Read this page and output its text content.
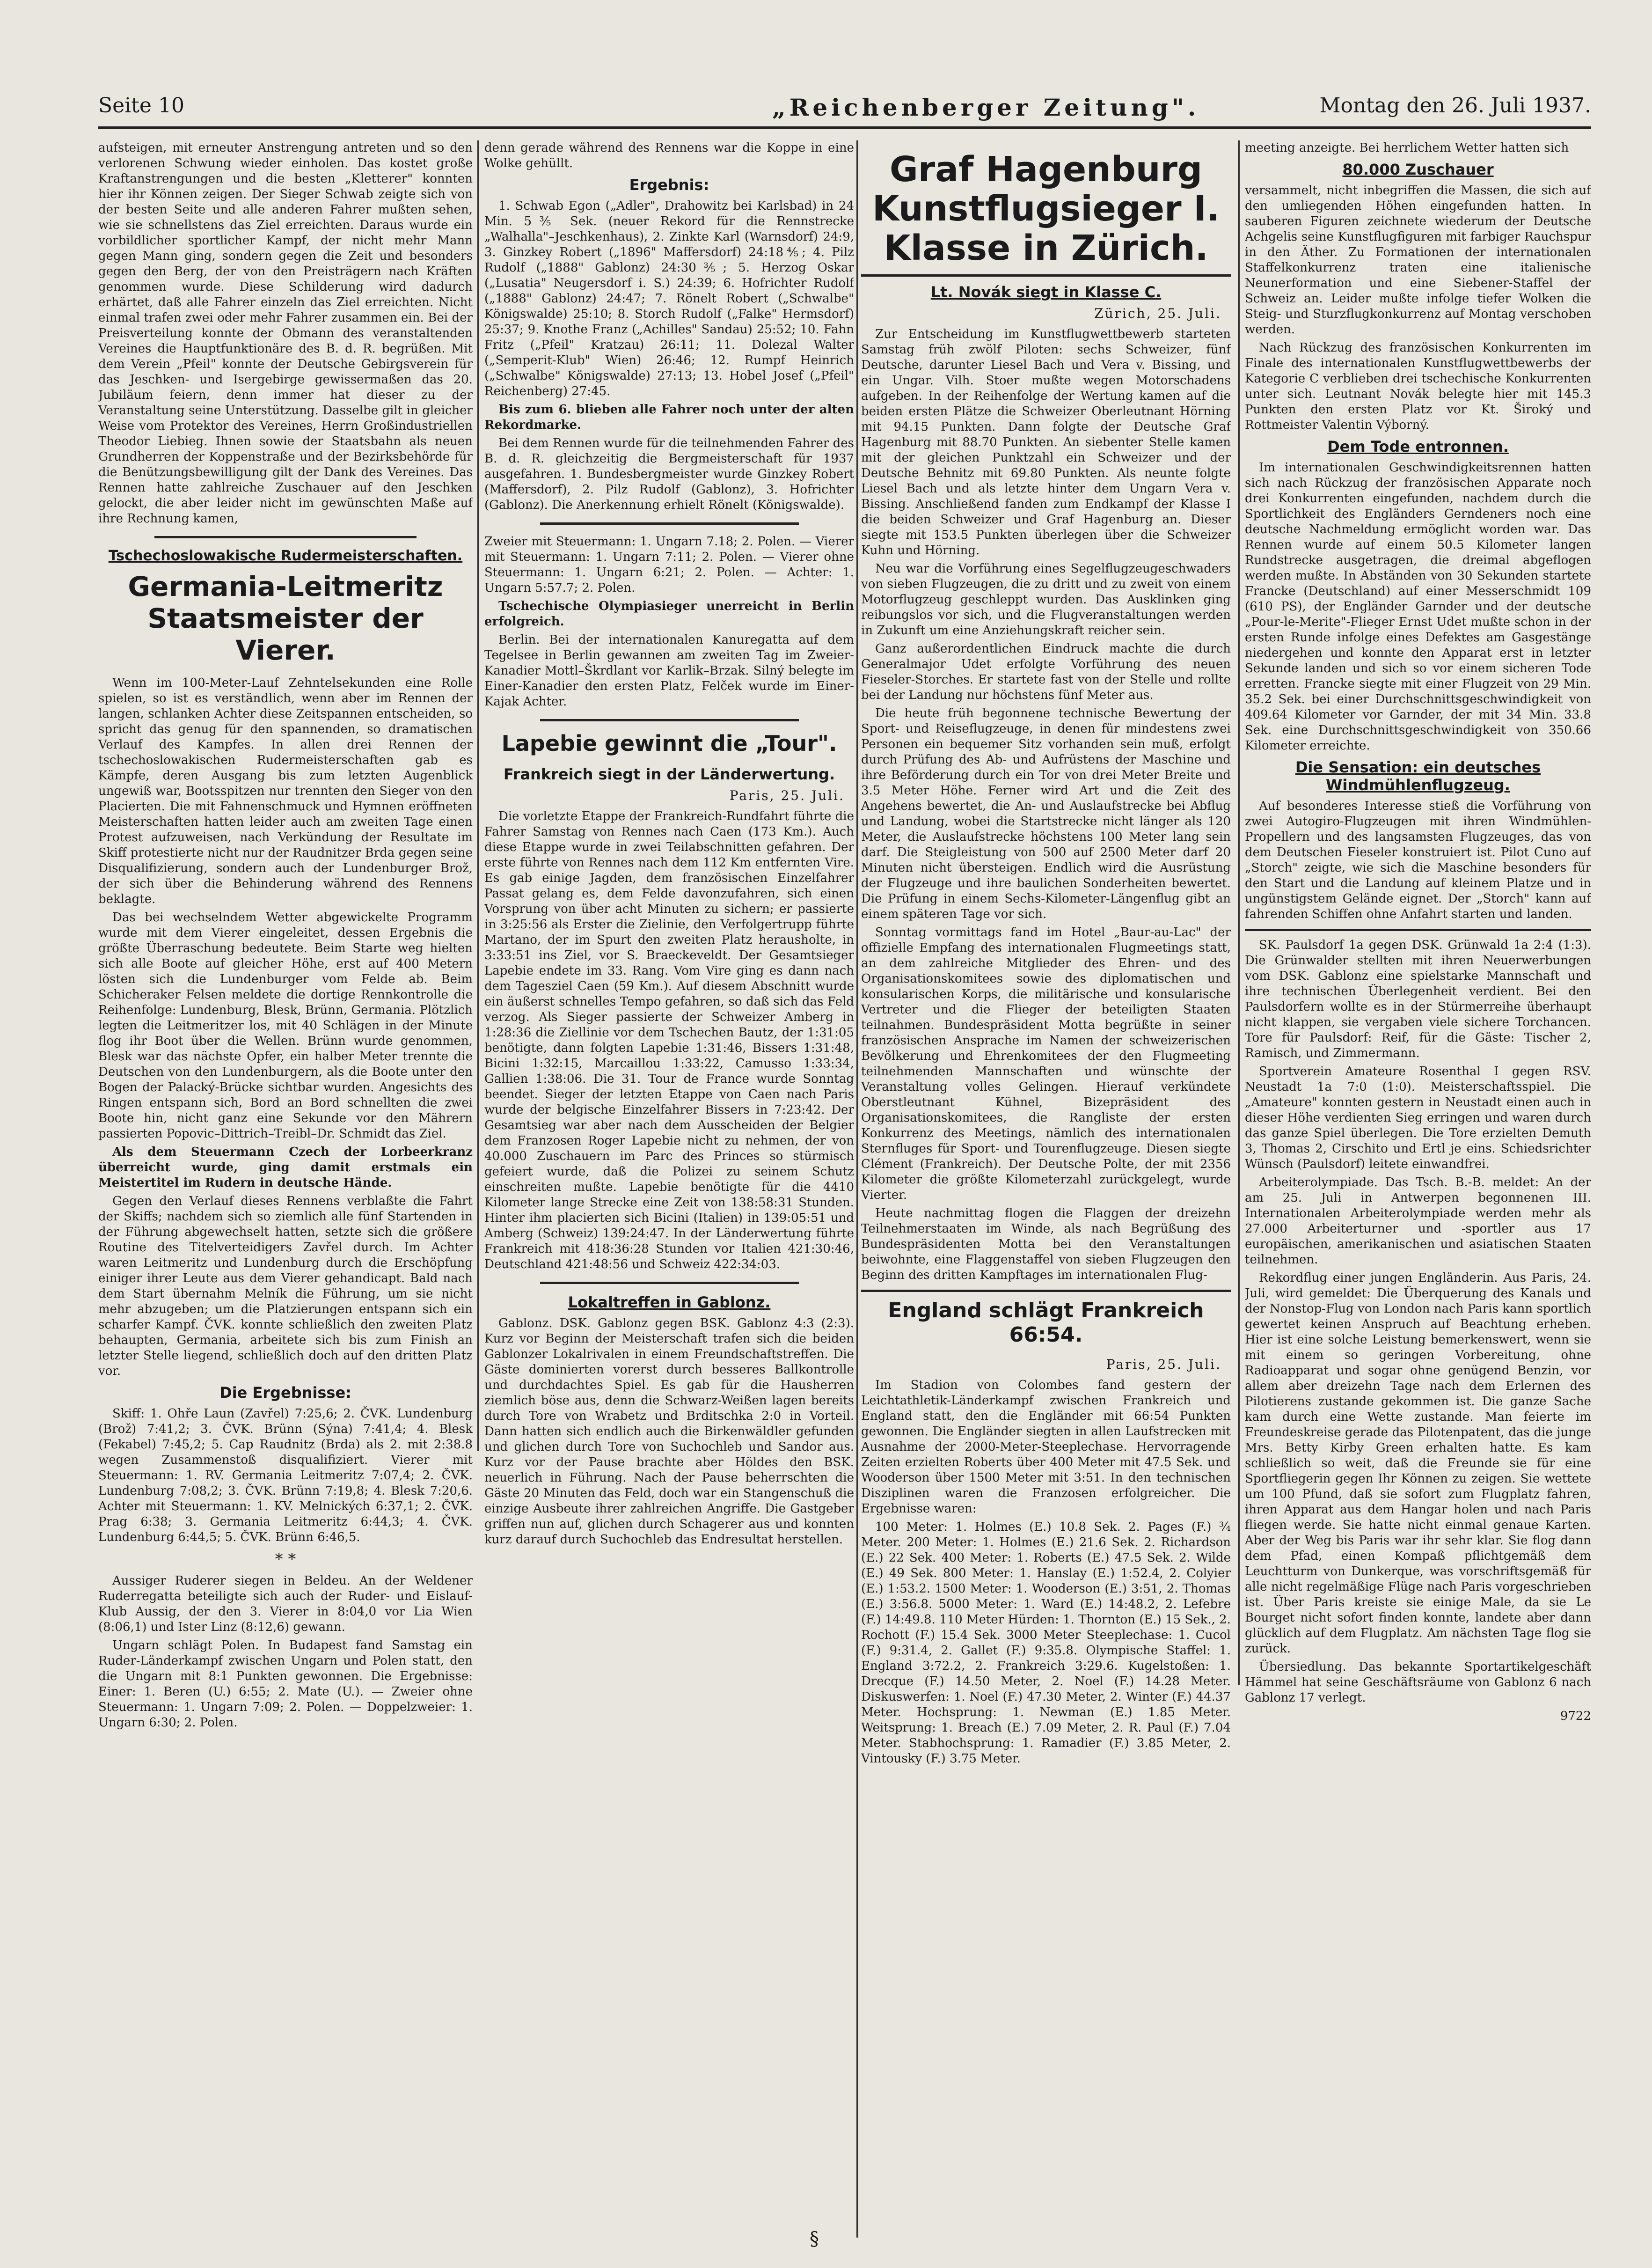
Seite 10	„Reichenberger Zeitung".	Montag den 26. Juli 1937.

aufsteigen, mit erneuter Anstrengung antreten und so den verlorenen Schwung wieder einholen. Das kostet große Kraftanstrengungen und die besten „Kletterer" konnten hier ihr Können zeigen. Der Sieger Schwab zeigte sich von der besten Seite und alle anderen Fahrer mußten sehen, wie sie schnellstens das Ziel erreichten. Daraus wurde ein vorbildlicher sportlicher Kampf, der nicht mehr Mann gegen Mann ging, sondern gegen die Zeit und besonders gegen den Berg, der von den Preisträgern nach Kräften genommen wurde. Diese Schilderung wird dadurch erhärtet, daß alle Fahrer einzeln das Ziel erreichten. Nicht einmal trafen zwei oder mehr Fahrer zusammen ein. Bei der Preisverteilung konnte der Obmann des veranstaltenden Vereines die Hauptfunktionäre des B. d. R. begrüßen. Mit dem Verein „Pfeil" konnte der Deutsche Gebirgsverein für das Jeschken- und Isergebirge gewissermaßen das 20. Jubiläum feiern, denn immer hat dieser zu der Veranstaltung seine Unterstützung. Dasselbe gilt in gleicher Weise vom Protektor des Vereines, Herrn Großindustriellen Theodor Liebieg. Ihnen sowie der Staatsbahn als neuen Grundherren der Koppenstraße und der Bezirksbehörde für die Benützungsbewilligung gilt der Dank des Vereines. Das Rennen hatte zahlreiche Zuschauer auf den Jeschken gelockt, die aber leider nicht im gewünschten Maße auf ihre Rechnung kamen,

Tschechoslowakische Rudermeisterschaften.
Germania-Leitmeritz Staatsmeister der Vierer.

Wenn im 100-Meter-Lauf Zehntelsekunden eine Rolle spielen, so ist es verständlich, wenn aber im Rennen der langen, schlanken Achter diese Zeitspannen entscheiden, so spricht das genug für den spannenden, so dramatischen Verlauf des Kampfes. In allen drei Rennen der tschechoslowakischen Rudermeisterschaften gab es Kämpfe, deren Ausgang bis zum letzten Augenblick ungewiß war, Bootsspitzen nur trennten den Sieger von den Placierten. Die mit Fahnenschmuck und Hymnen eröffneten Meisterschaften hatten leider auch am zweiten Tage einen Protest aufzuweisen, nach Verkündung der Resultate im Skiff protestierte nicht nur der Raudnitzer Brda gegen seine Disqualifizierung, sondern auch der Lundenburger Brož, der sich über die Behinderung während des Rennens beklagte.

Das bei wechselndem Wetter abgewickelte Programm wurde mit dem Vierer eingeleitet, dessen Ergebnis die größte Überraschung bedeutete. Beim Starte weg hielten sich alle Boote auf gleicher Höhe, erst auf 400 Metern lösten sich die Lundenburger vom Felde ab. Beim Schicheraker Felsen meldete die dortige Rennkontrolle die Reihenfolge: Lundenburg, Blesk, Brünn, Germania. Plötzlich legten die Leitmeritzer los, mit 40 Schlägen in der Minute flog ihr Boot über die Wellen. Brünn wurde genommen, Blesk war das nächste Opfer, ein halber Meter trennte die Deutschen von den Lundenburgern, als die Boote unter den Bogen der Palacký-Brücke sichtbar wurden. Angesichts des Ringen entspann sich, Bord an Bord schnellten die zwei Boote hin, nicht ganz eine Sekunde vor den Mährern passierten Popovic–Dittrich–Treibl–Dr. Schmidt das Ziel.

Als dem Steuermann Czech der Lorbeerkranz überreicht wurde, ging damit erstmals ein Meistertitel im Rudern in deutsche Hände.

Gegen den Verlauf dieses Rennens verblaßte die Fahrt der Skiffs; nachdem sich so ziemlich alle fünf Startenden in der Führung abgewechselt hatten, setzte sich die größere Routine des Titelverteidigers Zavřel durch. Im Achter waren Leitmeritz und Lundenburg durch die Erschöpfung einiger ihrer Leute aus dem Vierer gehandicapt. Bald nach dem Start übernahm Melník die Führung, um sie nicht mehr abzugeben; um die Platzierungen entspann sich ein scharfer Kampf. ČVK. konnte schließlich den zweiten Platz behaupten, Germania, arbeitete sich bis zum Finish an letzter Stelle liegend, schließlich doch auf den dritten Platz vor.

Die Ergebnisse:

Skiff: 1. Ohře Laun (Zavřel) 7:25,6; 2. ČVK. Lundenburg (Brož) 7:41,2; 3. ČVK. Brünn (Sýna) 7:41,4; 4. Blesk (Fekabel) 7:45,2; 5. Cap Raudnitz (Brda) als 2. mit 2:38.8 wegen Zusammenstoß disqualifiziert. Vierer mit Steuermann: 1. RV. Germania Leitmeritz 7:07,4; 2. ČVK. Lundenburg 7:08,2; 3. ČVK. Brünn 7:19,8; 4. Blesk 7:20,6. Achter mit Steuermann: 1. KV. Melnických 6:37,1; 2. ČVK. Prag 6:38; 3. Germania Leitmeritz 6:44,3; 4. ČVK. Lundenburg 6:44,5; 5. ČVK. Brünn 6:46,5.

* *

Aussiger Ruderer siegen in Beldeu. An der Weldener Ruderregatta beteiligte sich auch der Ruder- und Eislauf-Klub Aussig, der den 3. Vierer in 8:04,0 vor Lia Wien (8:06,1) und Ister Linz (8:12,6) gewann.

Ungarn schlägt Polen. In Budapest fand Samstag ein Ruder-Länderkampf zwischen Ungarn und Polen statt, den die Ungarn mit 8:1 Punkten gewonnen. Die Ergebnisse: Einer: 1. Beren (U.) 6:55; 2. Mate (U.). — Zweier ohne Steuermann: 1. Ungarn 7:09; 2. Polen. — Doppelzweier: 1. Ungarn 6:30; 2. Polen.

denn gerade während des Rennens war die Koppe in eine Wolke gehüllt.

Ergebnis:

1. Schwab Egon („Adler", Drahowitz bei Karlsbad) in 24 Min. 5⅗ Sek. (neuer Rekord für die Rennstrecke „Walhalla"–Jeschkenhaus), 2. Zinkte Karl (Warnsdorf) 24:9, 3. Ginzkey Robert („1896" Maffersdorf) 24:18⅘; 4. Pilz Rudolf („1888" Gablonz) 24:30⅗; 5. Herzog Oskar („Lusatia" Neugersdorf i. S.) 24:39; 6. Hofrichter Rudolf („1888" Gablonz) 24:47; 7. Rönelt Robert („Schwalbe" Königswalde) 25:10; 8. Storch Rudolf („Falke" Hermsdorf) 25:37; 9. Knothe Franz („Achilles" Sandau) 25:52; 10. Fahn Fritz („Pfeil" Kratzau) 26:11; 11. Dolezal Walter („Semperit-Klub" Wien) 26:46; 12. Rumpf Heinrich („Schwalbe" Königswalde) 27:13; 13. Hobel Josef („Pfeil" Reichenberg) 27:45.

Bis zum 6. blieben alle Fahrer noch unter der alten Rekordmarke.

Bei dem Rennen wurde für die teilnehmenden Fahrer des B. d. R. gleichzeitig die Bergmeisterschaft für 1937 ausgefahren. 1. Bundesbergmeister wurde Ginzkey Robert (Maffersdorf), 2. Pilz Rudolf (Gablonz), 3. Hofrichter (Gablonz). Die Anerkennung erhielt Rönelt (Königswalde).

Zweier mit Steuermann: 1. Ungarn 7.18; 2. Polen. — Vierer mit Steuermann: 1. Ungarn 7:11; 2. Polen. — Vierer ohne Steuermann: 1. Ungarn 6:21; 2. Polen. — Achter: 1. Ungarn 5:57.7; 2. Polen.

Tschechische Olympiasieger unerreicht in Berlin erfolgreich.

Berlin. Bei der internationalen Kanuregatta auf dem Tegelsee in Berlin gewannen am zweiten Tag im Zweier-Kanadier Mottl–Škrdlant vor Karlik–Brzak. Silný belegte im Einer-Kanadier den ersten Platz, Felček wurde im Einer-Kajak Achter.

Lapebie gewinnt die „Tour".
Frankreich siegt in der Länderwertung.
Paris, 25. Juli.

Die vorletzte Etappe der Frankreich-Rundfahrt führte die Fahrer Samstag von Rennes nach Caen (173 Km.). Auch diese Etappe wurde in zwei Teilabschnitten gefahren. Der erste führte von Rennes nach dem 112 Km entfernten Vire. Es gab einige Jagden, dem französischen Einzelfahrer Passat gelang es, dem Felde davonzufahren, sich einen Vorsprung von über acht Minuten zu sichern; er passierte in 3:25:56 als Erster die Zielinie, den Verfolgertrupp führte Martano, der im Spurt den zweiten Platz herausholte, in 3:33:51 ins Ziel, vor S. Braeckeveldt. Der Gesamtsieger Lapebie endete im 33. Rang. Vom Vire ging es dann nach dem Tagesziel Caen (59 Km.). Auf diesem Abschnitt wurde ein äußerst schnelles Tempo gefahren, so daß sich das Feld verzog. Als Sieger passierte der Schweizer Amberg in 1:28:36 die Ziellinie vor dem Tschechen Bautz, der 1:31:05 benötigte, dann folgten Lapebie 1:31:46, Bissers 1:31:48, Bicini 1:32:15, Marcaillou 1:33:22, Camusso 1:33:34, Gallien 1:38:06. Die 31. Tour de France wurde Sonntag beendet. Sieger der letzten Etappe von Caen nach Paris wurde der belgische Einzelfahrer Bissers in 7:23:42. Der Gesamtsieg war aber nach dem Ausscheiden der Belgier dem Franzosen Roger Lapebie nicht zu nehmen, der von 40.000 Zuschauern im Parc des Princes so stürmisch gefeiert wurde, daß die Polizei zu seinem Schutz einschreiten mußte. Lapebie benötigte für die 4410 Kilometer lange Strecke eine Zeit von 138:58:31 Stunden. Hinter ihm placierten sich Bicini (Italien) in 139:05:51 und Amberg (Schweiz) 139:24:47. In der Länderwertung führte Frankreich mit 418:36:28 Stunden vor Italien 421:30:46, Deutschland 421:48:56 und Schweiz 422:34:03.

Lokaltreffen in Gablonz.

Gablonz. DSK. Gablonz gegen BSK. Gablonz 4:3 (2:3). Kurz vor Beginn der Meisterschaft trafen sich die beiden Gablonzer Lokalrivalen in einem Freundschaftstreffen. Die Gäste dominierten vorerst durch besseres Ballkontrolle und durchdachtes Spiel. Es gab für die Hausherren ziemlich böse aus, denn die Schwarz-Weißen lagen bereits durch Tore von Wrabetz und Brditschka 2:0 in Vorteil. Dann hatten sich endlich auch die Birkenwäldler gefunden und glichen durch Tore von Suchochleb und Sandor aus. Kurz vor der Pause brachte aber Höldes den BSK. neuerlich in Führung. Nach der Pause beherrschten die Gäste 20 Minuten das Feld, doch war ein Stangenschuß die einzige Ausbeute ihrer zahlreichen Angriffe. Die Gastgeber griffen nun auf, glichen durch Schagerer aus und konnten kurz darauf durch Suchochleb das Endresultat herstellen.

Graf Hagenburg Kunstflugsieger I. Klasse in Zürich.
Lt. Novák siegt in Klasse C.
Zürich, 25. Juli.

Zur Entscheidung im Kunstflugwettbewerb starteten Samstag früh zwölf Piloten: sechs Schweizer, fünf Deutsche, darunter Liesel Bach und Vera v. Bissing, und ein Ungar. Vilh. Stoer mußte wegen Motorschadens aufgeben. In der Reihenfolge der Wertung kamen auf die beiden ersten Plätze die Schweizer Oberleutnant Hörning mit 94.15 Punkten. Dann folgte der Deutsche Graf Hagenburg mit 88.70 Punkten. An siebenter Stelle kamen mit der gleichen Punktzahl ein Schweizer und der Deutsche Behnitz mit 69.80 Punkten. Als neunte folgte Liesel Bach und als letzte hinter dem Ungarn Vera v. Bissing. Anschließend fanden zum Endkampf der Klasse I die beiden Schweizer und Graf Hagenburg an. Dieser siegte mit 153.5 Punkten überlegen über die Schweizer Kuhn und Hörning.

Neu war die Vorführung eines Segelflugzeugeschwaders von sieben Flugzeugen, die zu dritt und zu zweit von einem Motorflugzeug geschleppt wurden. Das Ausklinken ging reibungslos vor sich, und die Flugveranstaltungen werden in Zukunft um eine Anziehungskraft reicher sein.

Ganz außerordentlichen Eindruck machte die durch Generalmajor Udet erfolgte Vorführung des neuen Fieseler-Storches. Er startete fast von der Stelle und rollte bei der Landung nur höchstens fünf Meter aus.

Die heute früh begonnene technische Bewertung der Sport- und Reiseflugzeuge, in denen für mindestens zwei Personen ein bequemer Sitz vorhanden sein muß, erfolgt durch Prüfung des Ab- und Aufrüstens der Maschine und ihre Beförderung durch ein Tor von drei Meter Breite und 3.5 Meter Höhe. Ferner wird Art und die Zeit des Angehens bewertet, die An- und Auslaufstrecke bei Abflug und Landung, wobei die Startstrecke nicht länger als 120 Meter, die Auslaufstrecke höchstens 100 Meter lang sein darf. Die Steigleistung von 500 auf 2500 Meter darf 20 Minuten nicht übersteigen. Endlich wird die Ausrüstung der Flugzeuge und ihre baulichen Sonderheiten bewertet. Die Prüfung in einem Sechs-Kilometer-Längenflug gibt an einem späteren Tage vor sich.

Sonntag vormittags fand im Hotel „Baur-au-Lac" der offizielle Empfang des internationalen Flugmeetings statt, an dem zahlreiche Mitglieder des Ehren- und des Organisationskomitees sowie des diplomatischen und konsularischen Korps, die militärische und konsularische Vertreter und die Flieger der beteiligten Staaten teilnahmen. Bundespräsident Motta begrüßte in seiner französischen Ansprache im Namen der schweizerischen Bevölkerung und Ehrenkomitees der den Flugmeeting teilnehmenden Mannschaften und wünschte der Veranstaltung volles Gelingen. Hierauf verkündete Oberstleutnant Kühnel, Bizepräsident des Organisationskomitees, die Rangliste der ersten Konkurrenz des Meetings, nämlich des internationalen Sternfluges für Sport- und Tourenflugzeuge. Diesen siegte Clément (Frankreich). Der Deutsche Polte, der mit 2356 Kilometer die größte Kilometerzahl zurückgelegt, wurde Vierter.

Heute nachmittag flogen die Flaggen der dreizehn Teilnehmerstaaten im Winde, als nach Begrüßung des Bundespräsidenten Motta bei den Veranstaltungen beiwohnte, eine Flaggenstaffel von sieben Flugzeugen den Beginn des dritten Kampftages im internationalen Flug-

England schlägt Frankreich 66:54.
Paris, 25. Juli.

Im Stadion von Colombes fand gestern der Leichtathletik-Länderkampf zwischen Frankreich und England statt, den die Engländer mit 66:54 Punkten gewonnen. Die Engländer siegten in allen Laufstrecken mit Ausnahme der 2000-Meter-Steeplechase. Hervorragende Zeiten erzielten Roberts über 400 Meter mit 47.5 Sek. und Wooderson über 1500 Meter mit 3:51. In den technischen Disziplinen waren die Franzosen erfolgreicher. Die Ergebnisse waren:

100 Meter: 1. Holmes (E.) 10.8 Sek. 2. Pages (F.) ¾ Meter. 200 Meter: 1. Holmes (E.) 21.6 Sek. 2. Richardson (E.) 22 Sek. 400 Meter: 1. Roberts (E.) 47.5 Sek. 2. Wilde (E.) 49 Sek. 800 Meter: 1. Hanslay (E.) 1:52.4, 2. Colyier (E.) 1:53.2. 1500 Meter: 1. Wooderson (E.) 3:51, 2. Thomas (E.) 3:56.8. 5000 Meter: 1. Ward (E.) 14:48.2, 2. Lefebre (F.) 14:49.8. 110 Meter Hürden: 1. Thornton (E.) 15 Sek., 2. Rochott (F.) 15.4 Sek. 3000 Meter Steeplechase: 1. Cucol (F.) 9:31.4, 2. Gallet (F.) 9:35.8. Olympische Staffel: 1. England 3:72.2, 2. Frankreich 3:29.6. Kugelstoßen: 1. Drecque (F.) 14.50 Meter, 2. Noel (F.) 14.28 Meter. Diskuswerfen: 1. Noel (F.) 47.30 Meter, 2. Winter (F.) 44.37 Meter. Hochsprung: 1. Newman (E.) 1.85 Meter. Weitsprung: 1. Breach (E.) 7.09 Meter, 2. R. Paul (F.) 7.04 Meter. Stabhochsprung: 1. Ramadier (F.) 3.85 Meter, 2. Vintousky (F.) 3.75 Meter.

meeting anzeigte. Bei herrlichem Wetter hatten sich

80.000 Zuschauer

versammelt, nicht inbegriffen die Massen, die sich auf den umliegenden Höhen eingefunden hatten. In sauberen Figuren zeichnete wiederum der Deutsche Achgelis seine Kunstflugfiguren mit farbiger Rauchspur in den Äther. Zu Formationen der internationalen Staffelkonkurrenz traten eine italienische Neunerformation und eine Siebener-Staffel der Schweiz an. Leider mußte infolge tiefer Wolken die Steig- und Sturzflugkonkurrenz auf Montag verschoben werden.

Nach Rückzug des französischen Konkurrenten im Finale des internationalen Kunstflugwettbewerbs der Kategorie C verblieben drei tschechische Konkurrenten unter sich. Leutnant Novák belegte hier mit 145.3 Punkten den ersten Platz vor Kt. Široký und Rottmeister Valentin Výborný.

Dem Tode entronnen.

Im internationalen Geschwindigkeitsrennen hatten sich nach Rückzug der französischen Apparate noch drei Konkurrenten eingefunden, nachdem durch die Sportlichkeit des Engländers Gerndeners noch eine deutsche Nachmeldung ermöglicht worden war. Das Rennen wurde auf einem 50.5 Kilometer langen Rundstrecke ausgetragen, die dreimal abgeflogen werden mußte. In Abständen von 30 Sekunden startete Francke (Deutschland) auf einer Messerschmidt 109 (610 PS), der Engländer Garnder und der deutsche „Pour-le-Merite"-Flieger Ernst Udet mußte schon in der ersten Runde infolge eines Defektes am Gasgestänge niedergehen und konnte den Apparat erst in letzter Sekunde landen und sich so vor einem sicheren Tode erretten. Francke siegte mit einer Flugzeit von 29 Min. 35.2 Sek. bei einer Durchschnittsgeschwindigkeit von 409.64 Kilometer vor Garnder, der mit 34 Min. 33.8 Sek. eine Durchschnittsgeschwindigkeit von 350.66 Kilometer erreichte.

Die Sensation: ein deutsches Windmühlenflugzeug.

Auf besonderes Interesse stieß die Vorführung von zwei Autogiro-Flugzeugen mit ihren Windmühlen-Propellern und des langsamsten Flugzeuges, das von dem Deutschen Fieseler konstruiert ist. Pilot Cuno auf „Storch" zeigte, wie sich die Maschine besonders für den Start und die Landung auf kleinem Platze und in ungünstigstem Gelände eignet. Der „Storch" kann auf fahrenden Schiffen ohne Anfahrt starten und landen.

SK. Paulsdorf 1a gegen DSK. Grünwald 1a 2:4 (1:3). Die Grünwalder stellten mit ihren Neuerwerbungen vom DSK. Gablonz eine spielstarke Mannschaft und ihre technischen Überlegenheit verdient. Bei den Paulsdorfern wollte es in der Stürmerreihe überhaupt nicht klappen, sie vergaben viele sichere Torchancen. Tore für Paulsdorf: Reif, für die Gäste: Tischer 2, Ramisch, und Zimmermann.

Sportverein Amateure Rosenthal I gegen RSV. Neustadt 1a 7:0 (1:0). Meisterschaftsspiel. Die „Amateure" konnten gestern in Neustadt einen auch in dieser Höhe verdienten Sieg erringen und waren durch das ganze Spiel überlegen. Die Tore erzielten Demuth 3, Thomas 2, Cirschito und Ertl je eins. Schiedsrichter Wünsch (Paulsdorf) leitete einwandfrei.

Arbeiterolympiade. Das Tsch. B.-B. meldet: An der am 25. Juli in Antwerpen begonnenen III. Internationalen Arbeiterolympiade werden mehr als 27.000 Arbeiterturner und -sportler aus 17 europäischen, amerikanischen und asiatischen Staaten teilnehmen.

Rekordflug einer jungen Engländerin. Aus Paris, 24. Juli, wird gemeldet: Die Überquerung des Kanals und der Nonstop-Flug von London nach Paris kann sportlich gewertet keinen Anspruch auf Beachtung erheben. Hier ist eine solche Leistung bemerkenswert, wenn sie mit einem so geringen Vorbereitung, ohne Radioapparat und sogar ohne genügend Benzin, vor allem aber dreizehn Tage nach dem Erlernen des Pilotierens zustande gekommen ist. Die ganze Sache kam durch eine Wette zustande. Man feierte im Freundeskreise gerade das Pilotenpatent, das die junge Mrs. Betty Kirby Green erhalten hatte. Es kam schließlich so weit, daß die Freunde sie für eine Sportfliegerin gegen Ihr Können zu zeigen. Sie wettete um 100 Pfund, daß sie sofort zum Flugplatz fahren, ihren Apparat aus dem Hangar holen und nach Paris fliegen werde. Sie hatte nicht einmal genaue Karten. Aber der Weg bis Paris war ihr sehr klar. Sie flog dann dem Pfad, einen Kompaß pflichtgemäß dem Leuchtturm von Dunkerque, was vorschriftsgemäß für alle nicht regelmäßige Flüge nach Paris vorgeschrieben ist. Über Paris kreiste sie einige Male, da sie Le Bourget nicht sofort finden konnte, landete aber dann glücklich auf dem Flugplatz. Am nächsten Tage flog sie zurück.

Übersiedlung. Das bekannte Sportartikelgeschäft Hämmel hat seine Geschäftsräume von Gablonz 6 nach Gablonz 17 verlegt.

9722

§
